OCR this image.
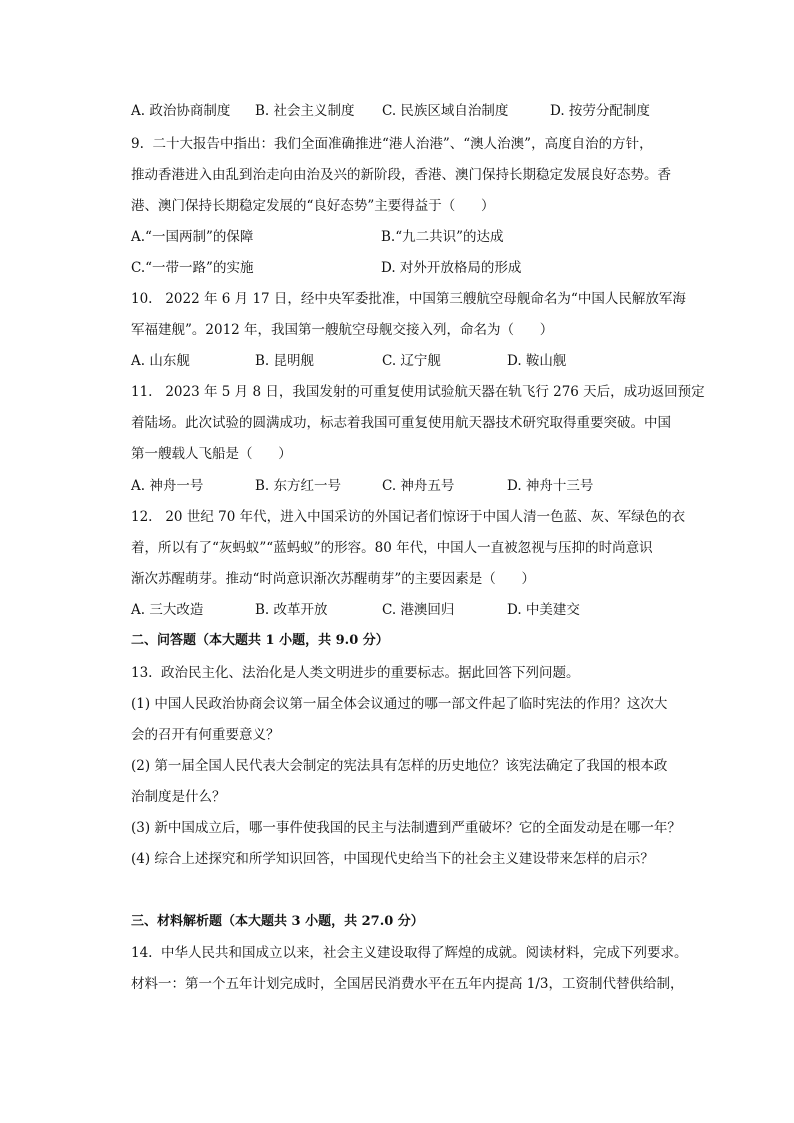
A. 政治协商制度 B. 社会主义制度 C. 民族区域自治制度	D. 按劳分配制度
9.  二十大报告中指出：我们全面准确推进“港人治港”、“澳人治澳”，高度自治的方针，
推动香港进入由乱到治走向由治及兴的新阶段，香港、澳门保持长期稳定发展良好态势。香
港、澳门保持长期稳定发展的“良好态势”主要得益于（      ）
A.“一国两制”的保障	B.“九二共识”的达成
C.“一带一路”的实施	D. 对外开放格局的形成
10.   2022 年 6 月 17 日，经中央军委批准，中国第三艘航空母舰命名为“中国人民解放军海
军福建舰”。2012 年，我国第一艘航空母舰交接入列，命名为（      ）
A. 山东舰	B. 昆明舰	C. 辽宁舰	D. 鞍山舰
11.   2023 年 5 月 8 日，我国发射的可重复使用试验航天器在轨飞行 276 天后，成功返回预定
着陆场。此次试验的圆满成功，标志着我国可重复使用航天器技术研究取得重要突破。中国
第一艘载人飞船是（      ）
A. 神舟一号	B. 东方红一号	C. 神舟五号	D. 神舟十三号
12.   20 世纪 70 年代，进入中国采访的外国记者们惊讶于中国人清一色蓝、灰、军绿色的衣
着，所以有了“灰蚂蚁”“蓝蚂蚁”的形容。80 年代，中国人一直被忽视与压抑的时尚意识
渐次苏醒萌芽。推动“时尚意识渐次苏醒萌芽”的主要因素是（      ）
A. 三大改造	B. 改革开放	C. 港澳回归	D. 中美建交
二、问答题（本大题共 1 小题，共 9.0 分）
13.  政治民主化、法治化是人类文明进步的重要标志。据此回答下列问题。
(1) 中国人民政治协商会议第一届全体会议通过的哪一部文件起了临时宪法的作用？这次大
会的召开有何重要意义？
(2) 第一届全国人民代表大会制定的宪法具有怎样的历史地位？该宪法确定了我国的根本政
治制度是什么？
(3) 新中国成立后，哪一事件使我国的民主与法制遭到严重破坏？它的全面发动是在哪一年？
(4) 综合上述探究和所学知识回答，中国现代史给当下的社会主义建设带来怎样的启示？
三、材料解析题（本大题共 3 小题，共 27.0 分）
14.  中华人民共和国成立以来，社会主义建设取得了辉煌的成就。阅读材料，完成下列要求。
材料一：第一个五年计划完成时，全国居民消费水平在五年内提高 1/3，工资制代替供给制，
